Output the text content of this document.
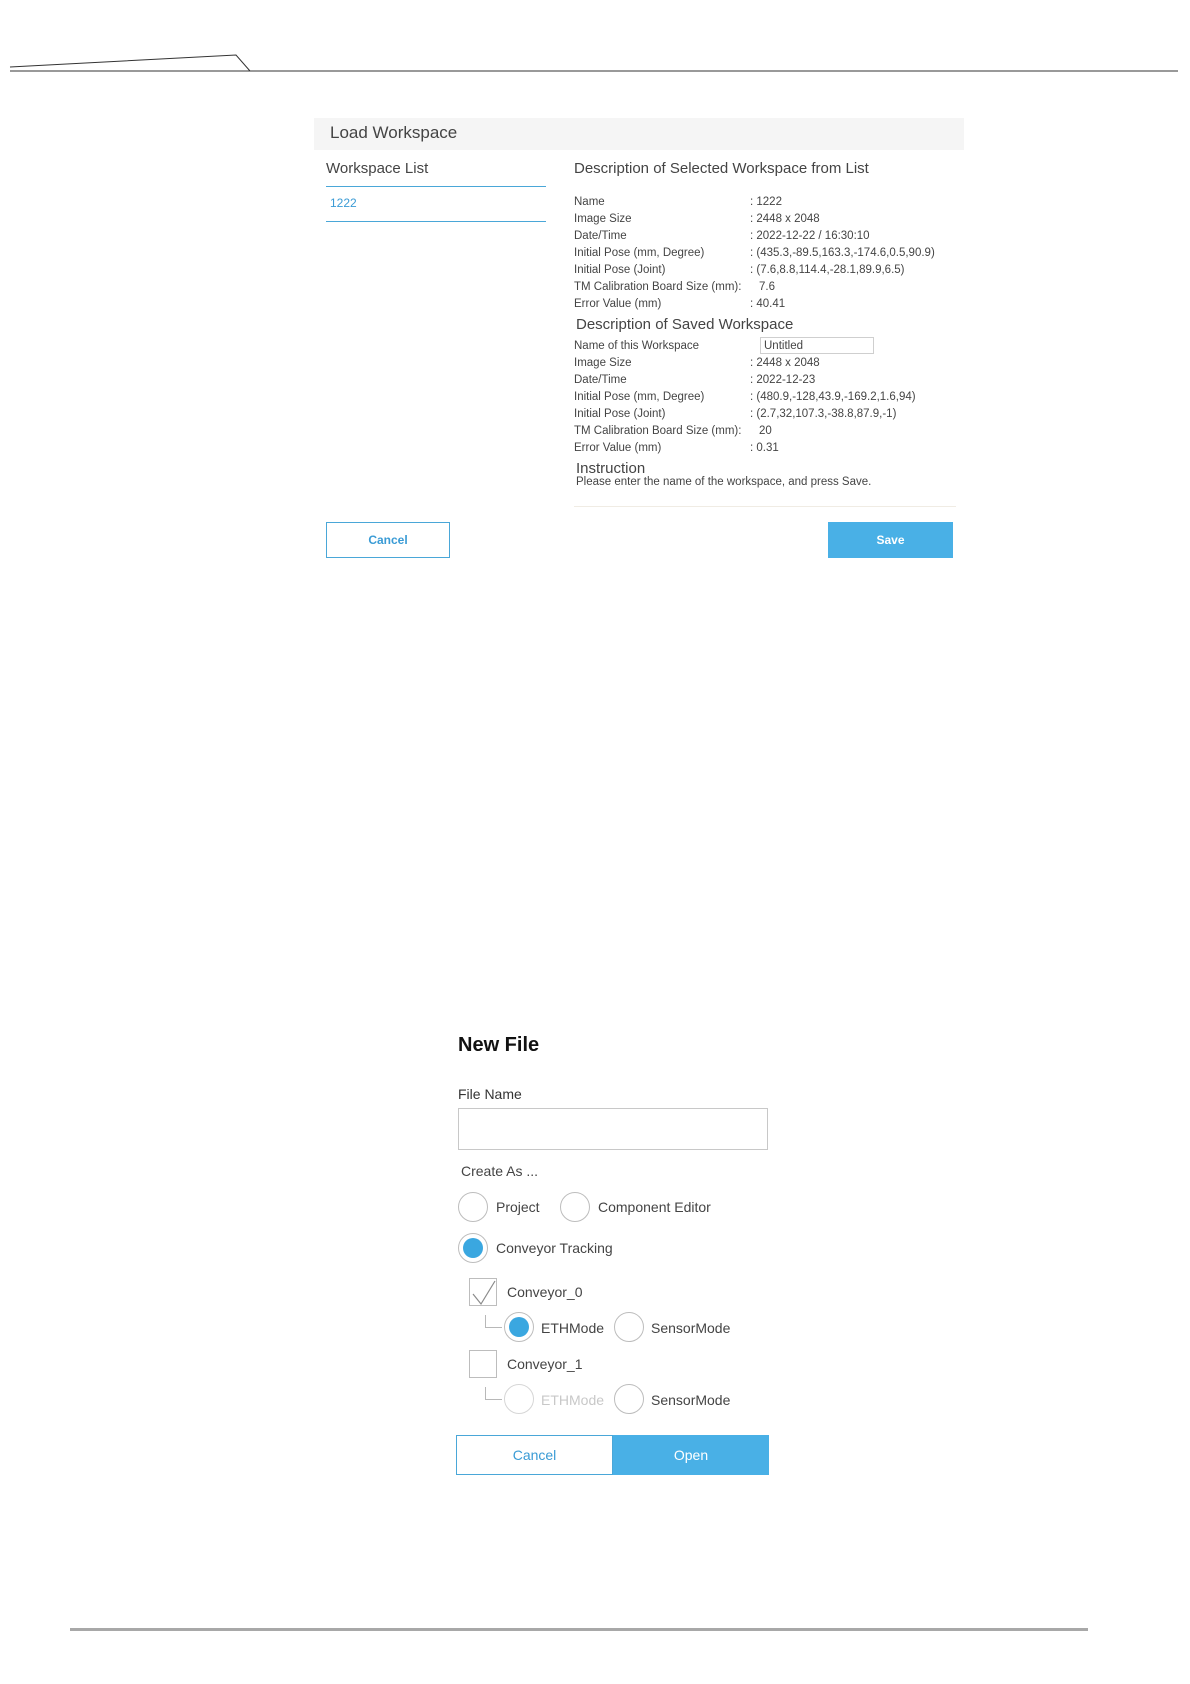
Load Workspace
Workspace List
1222
Description of Selected Workspace from List
Name	: 1222
Image Size	: 2448 x 2048
Date/Time	: 2022-12-22 / 16:30:10
Initial Pose (mm, Degree)	: (435.3,-89.5,163.3,-174.6,0.5,90.9)
Initial Pose (Joint)	: (7.6,8.8,114.4,-28.1,89.9,6.5)
TM Calibration Board Size (mm): 7.6
Error Value (mm)	: 40.41
Description of Saved Workspace
Name of this Workspace
Untitled
Image Size	: 2448 x 2048
Date/Time	: 2022-12-23
Initial Pose (mm, Degree)	: (480.9,-128,43.9,-169.2,1.6,94)
Initial Pose (Joint)	: (2.7,32,107.3,-38.8,87.9,-1)
TM Calibration Board Size (mm): 20
Error Value (mm)	: 0.31
Instruction
Please enter the name of the workspace, and press Save.
Cancel	Save
New File
File Name
Create As ...
Project	Component Editor
Conveyor Tracking
Conveyor_0
ETHMode	SensorMode
Conveyor_1
ETHMode	SensorMode
Cancel	Open
